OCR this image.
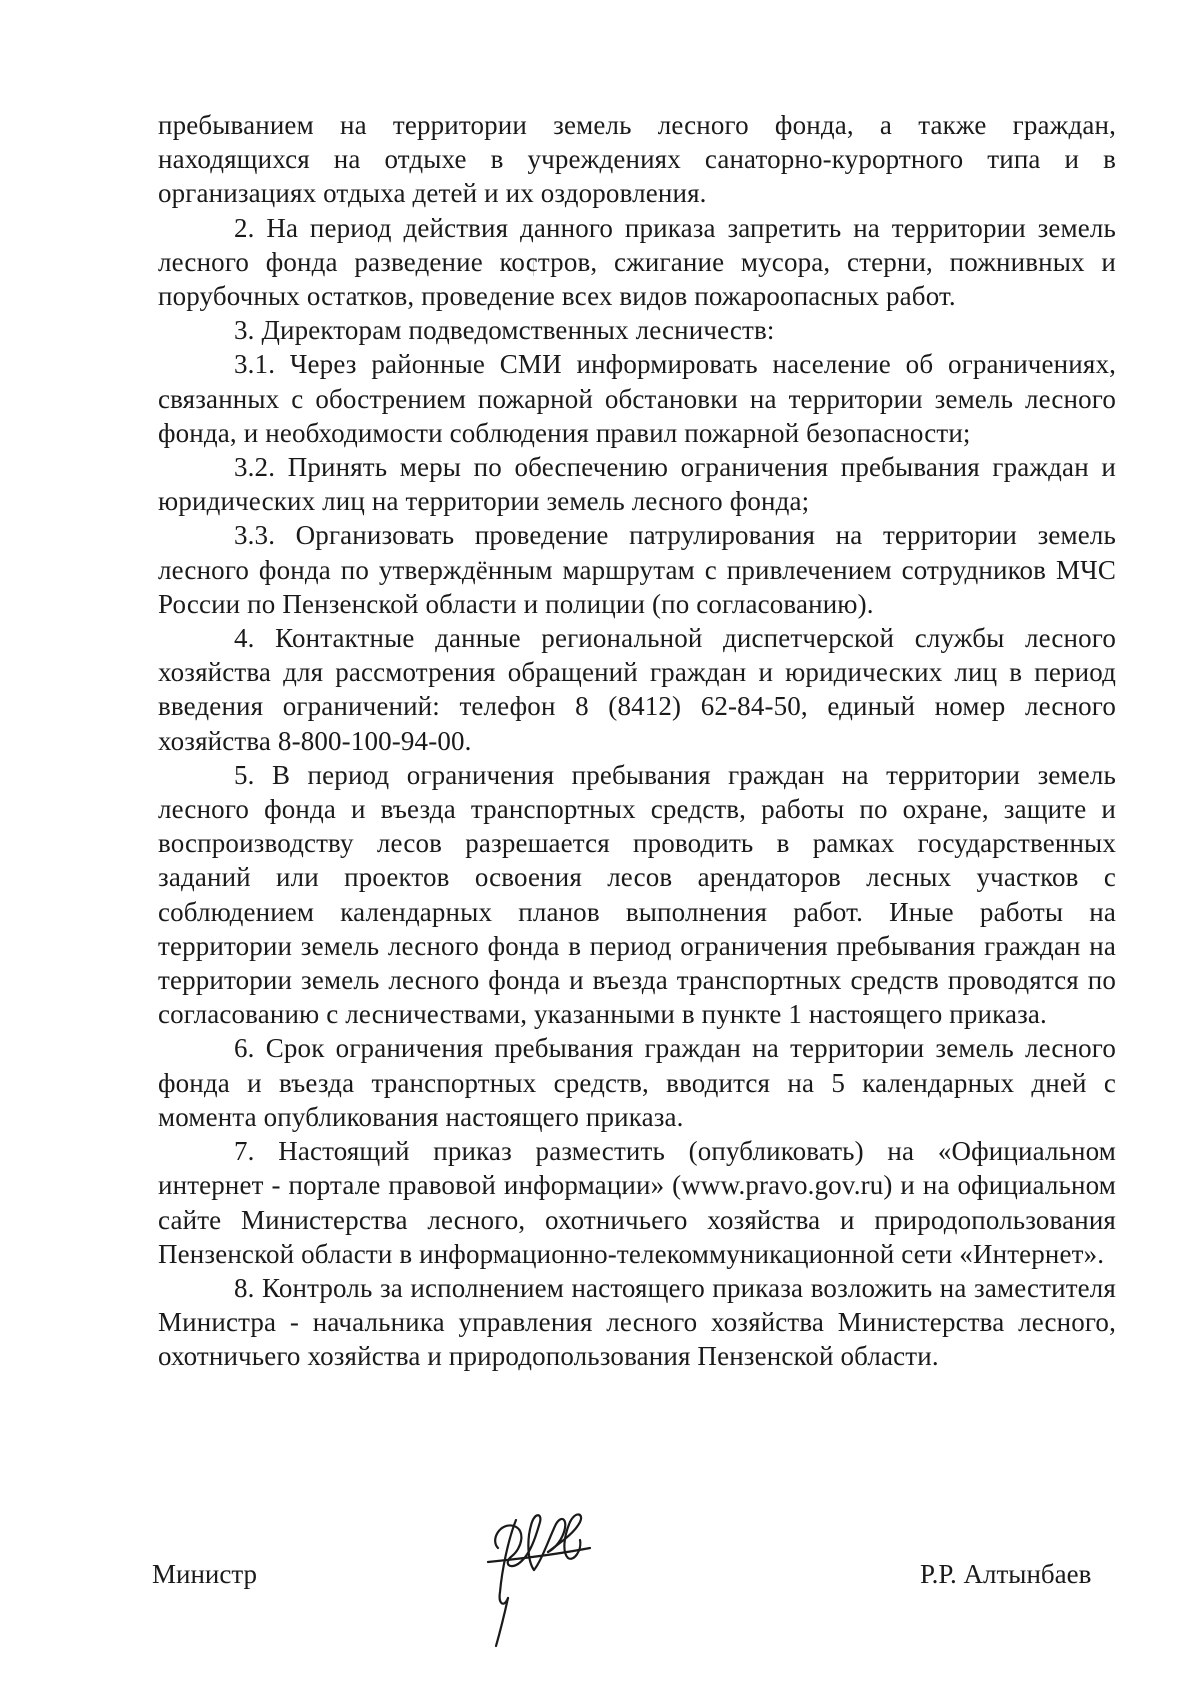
пребыванием на территории земель лесного фонда, а также граждан, находящихся на отдыхе в учреждениях санаторно-курортного типа и в организациях отдыха детей и их оздоровления.

2. На период действия данного приказа запретить на территории земель лесного фонда разведение костров, сжигание мусора, стерни, пожнивных и порубочных остатков, проведение всех видов пожароопасных работ.

3. Директорам подведомственных лесничеств:

3.1. Через районные СМИ информировать население об ограничениях, связанных с обострением пожарной обстановки на территории земель лесного фонда, и необходимости соблюдения правил пожарной безопасности;

3.2. Принять меры по обеспечению ограничения пребывания граждан и юридических лиц на территории земель лесного фонда;

3.3. Организовать проведение патрулирования на территории земель лесного фонда по утверждённым маршрутам с привлечением сотрудников МЧС России по Пензенской области и полиции (по согласованию).

4. Контактные данные региональной диспетчерской службы лесного хозяйства для рассмотрения обращений граждан и юридических лиц в период введения ограничений: телефон 8 (8412) 62-84-50, единый номер лесного хозяйства 8-800-100-94-00.

5. В период ограничения пребывания граждан на территории земель лесного фонда и въезда транспортных средств, работы по охране, защите и воспроизводству лесов разрешается проводить в рамках государственных заданий или проектов освоения лесов арендаторов лесных участков с соблюдением календарных планов выполнения работ. Иные работы на территории земель лесного фонда в период ограничения пребывания граждан на территории земель лесного фонда и въезда транспортных средств проводятся по согласованию с лесничествами, указанными в пункте 1 настоящего приказа.

6. Срок ограничения пребывания граждан на территории земель лесного фонда и въезда транспортных средств, вводится на 5 календарных дней с момента опубликования настоящего приказа.

7. Настоящий приказ разместить (опубликовать) на «Официальном интернет - портале правовой информации» (www.pravo.gov.ru) и на официальном сайте Министерства лесного, охотничьего хозяйства и природопользования Пензенской области в информационно-телекоммуникационной сети «Интернет».

8. Контроль за исполнением настоящего приказа возложить на заместителя Министра - начальника управления лесного хозяйства Министерства лесного, охотничьего хозяйства и природопользования Пензенской области.

Министр	Р.Р. Алтынбаев
